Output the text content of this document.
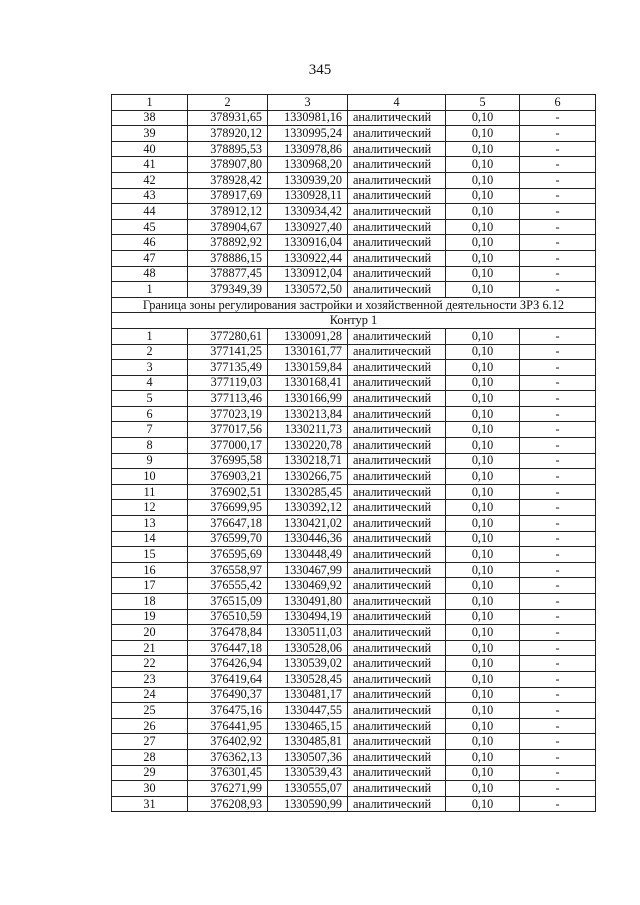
345
1	2	3	4	5	6
38	378931,65	1330981,16	аналитический	0,10	-
39	378920,12	1330995,24	аналитический	0,10	-
40	378895,53	1330978,86	аналитический	0,10	-
41	378907,80	1330968,20	аналитический	0,10	-
42	378928,42	1330939,20	аналитический	0,10	-
43	378917,69	1330928,11	аналитический	0,10	-
44	378912,12	1330934,42	аналитический	0,10	-
45	378904,67	1330927,40	аналитический	0,10	-
46	378892,92	1330916,04	аналитический	0,10	-
47	378886,15	1330922,44	аналитический	0,10	-
48	378877,45	1330912,04	аналитический	0,10	-
1	379349,39	1330572,50	аналитический	0,10	-
Граница зоны регулирования застройки и хозяйственной деятельности ЗРЗ 6.12					
Контур 1					
1	377280,61	1330091,28	аналитический	0,10	-
2	377141,25	1330161,77	аналитический	0,10	-
3	377135,49	1330159,84	аналитический	0,10	-
4	377119,03	1330168,41	аналитический	0,10	-
5	377113,46	1330166,99	аналитический	0,10	-
6	377023,19	1330213,84	аналитический	0,10	-
7	377017,56	1330211,73	аналитический	0,10	-
8	377000,17	1330220,78	аналитический	0,10	-
9	376995,58	1330218,71	аналитический	0,10	-
10	376903,21	1330266,75	аналитический	0,10	-
11	376902,51	1330285,45	аналитический	0,10	-
12	376699,95	1330392,12	аналитический	0,10	-
13	376647,18	1330421,02	аналитический	0,10	-
14	376599,70	1330446,36	аналитический	0,10	-
15	376595,69	1330448,49	аналитический	0,10	-
16	376558,97	1330467,99	аналитический	0,10	-
17	376555,42	1330469,92	аналитический	0,10	-
18	376515,09	1330491,80	аналитический	0,10	-
19	376510,59	1330494,19	аналитический	0,10	-
20	376478,84	1330511,03	аналитический	0,10	-
21	376447,18	1330528,06	аналитический	0,10	-
22	376426,94	1330539,02	аналитический	0,10	-
23	376419,64	1330528,45	аналитический	0,10	-
24	376490,37	1330481,17	аналитический	0,10	-
25	376475,16	1330447,55	аналитический	0,10	-
26	376441,95	1330465,15	аналитический	0,10	-
27	376402,92	1330485,81	аналитический	0,10	-
28	376362,13	1330507,36	аналитический	0,10	-
29	376301,45	1330539,43	аналитический	0,10	-
30	376271,99	1330555,07	аналитический	0,10	-
31	376208,93	1330590,99	аналитический	0,10	-
